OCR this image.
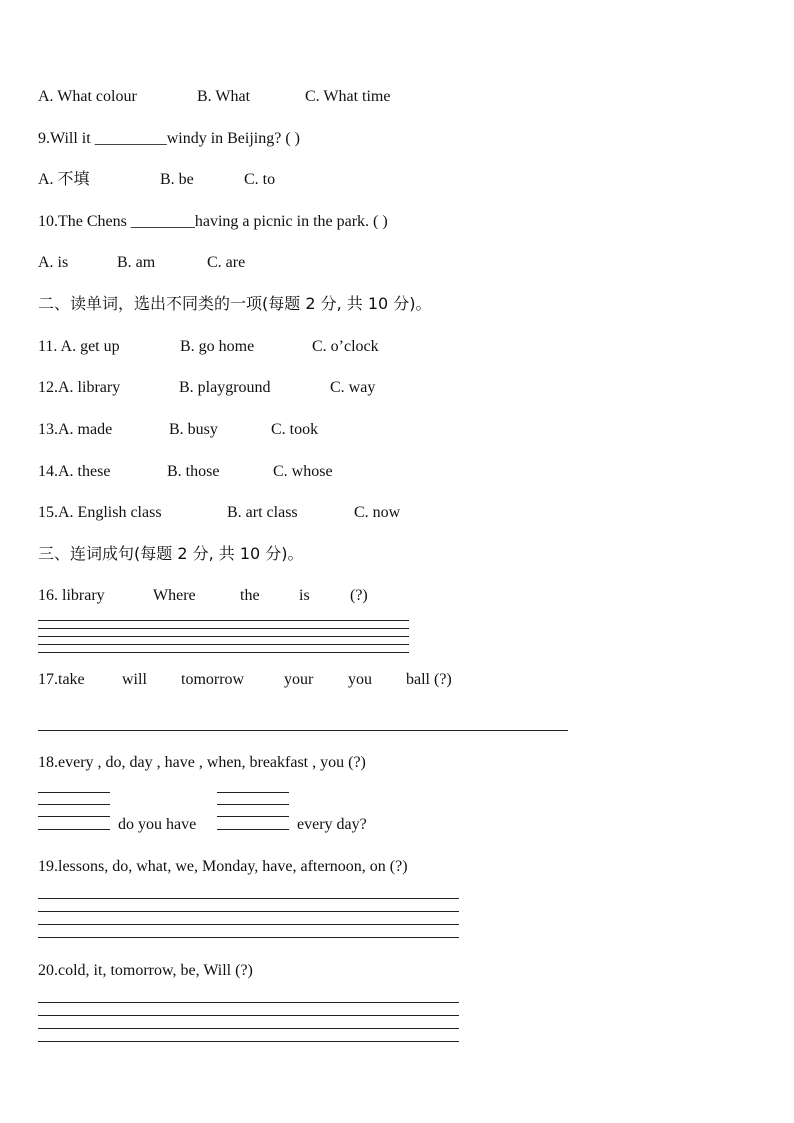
A. What colour	B. What	C. What time
9.Will it _________windy in Beijing? ( )
A. 不填	B. be	C. to
10.The Chens ________having a picnic in the park. ( )
A. is	B. am	C. are
二、读单词，选出不同类的一项(每题 2 分, 共 10 分)。
11. A. get up	B. go home	C. o’clock
12.A. library	B. playground	C. way
13.A. made	B. busy	C. took
14.A. these	B. those	C. whose
15.A. English class	B. art class	C. now
三、连词成句(每题 2 分, 共 10 分)。
16. library	Where	the is	(?)
17.take will tomorrow your you ball (?)
18.every , do, day , have , when, breakfast , you (?)
do you have	every day?
19.lessons, do, what, we, Monday, have, afternoon, on (?)
20.cold, it, tomorrow, be, Will (?)
